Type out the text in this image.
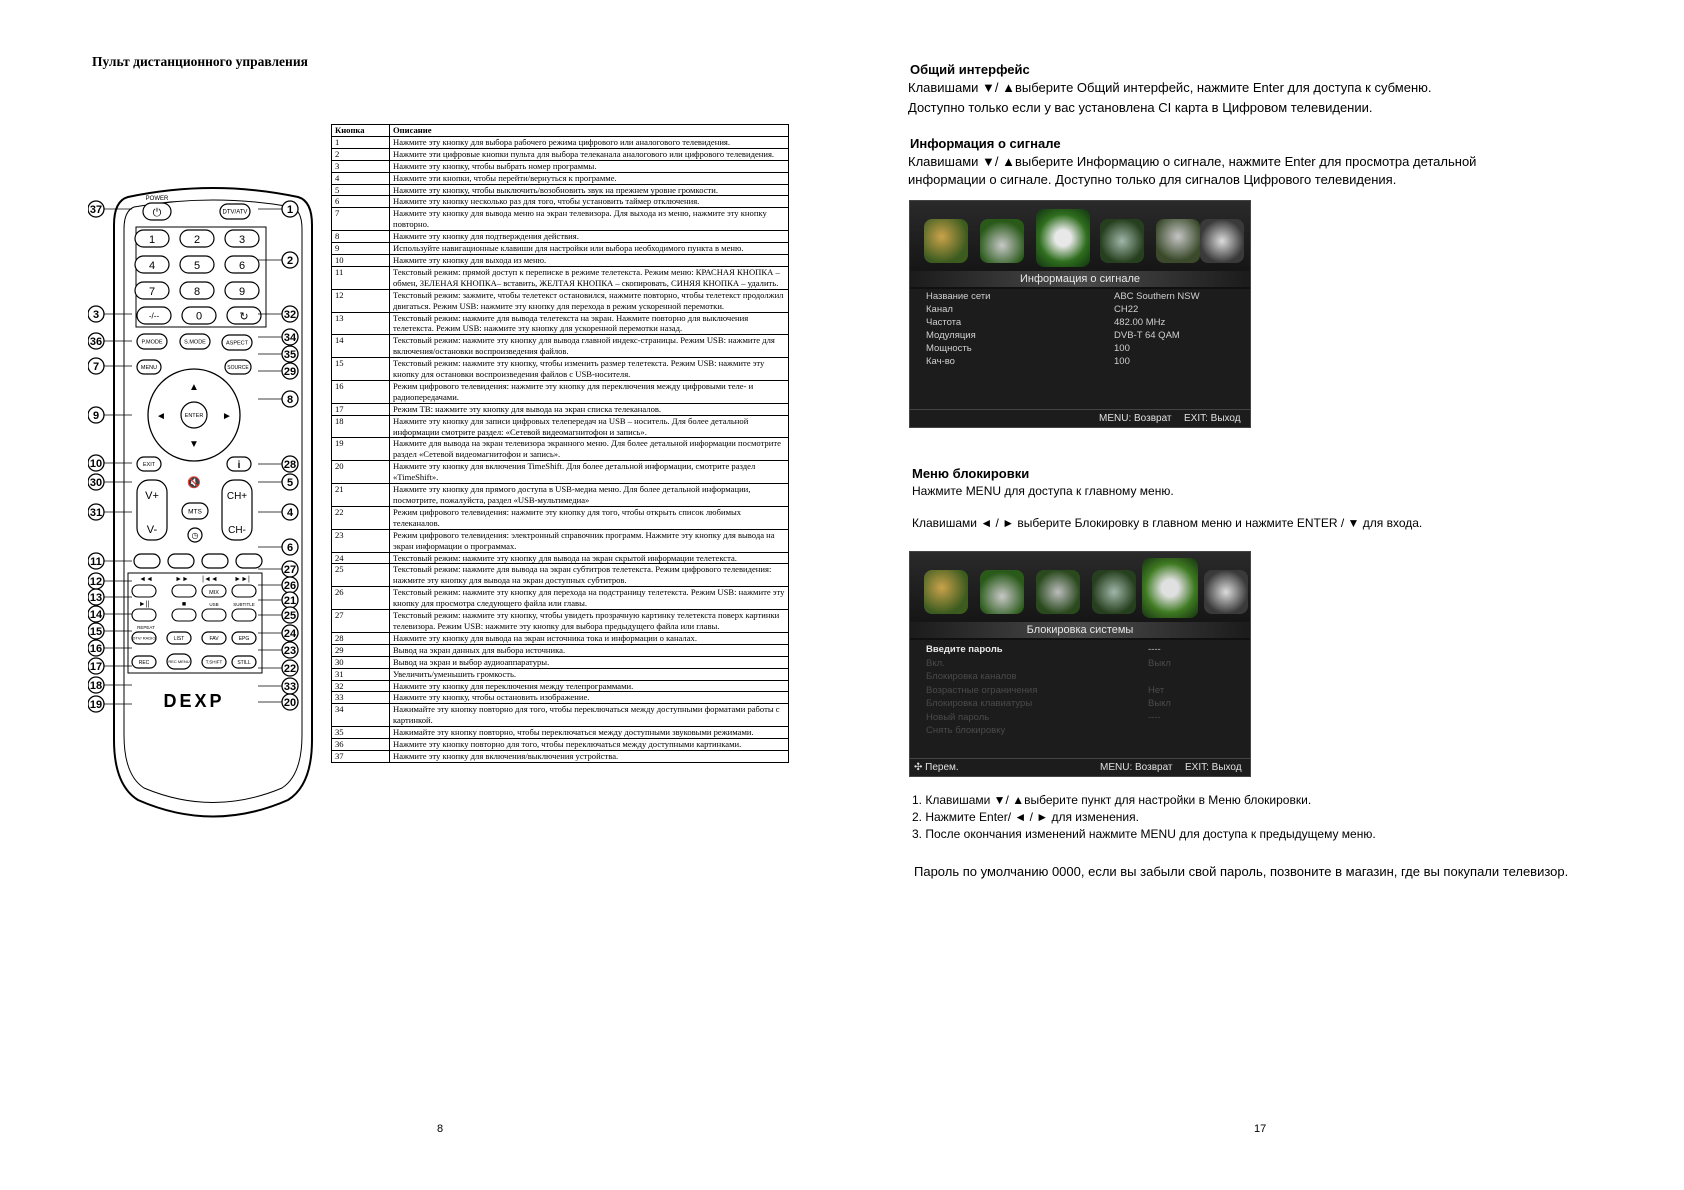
Пульт дистанционного управления
POWER
⏻	DTV/ATV
1	2	3
4	5	6
7	8	9
-/--	0	↻
P.MODE	S.MODE	ASPECT
MENU	SOURCE
ENTER
▲
▼
◄	►
EXIT	i
🔇
V+
V-
CH+
CH-
MTS
◷
◄◄	►► |◄◄ ►►|
MIX
►||	■	USB	SUBTITLE
REPEAT
DTV/ RADIO	LIST	FAV	EPG
REC	REC MENU	T.SHIFT	STILL
DEXP
37
3
36
7
9
10
30
31
11
12
13
14
15
16
17
18
19
1
2
32
34
35
29
8
28
5
4
6
27
26
21
25
24
23
22
33
20
Кнопка	Описание
1	Нажмите эту кнопку для выбора рабочего режима цифрового или аналогового телевидения.
2	Нажмите эти цифровые кнопки пульта для выбора телеканала аналогового или цифрового телевидения.
3	Нажмите эту кнопку, чтобы выбрать номер программы.
4	Нажмите эти кнопки, чтобы перейти/вернуться к программе.
5	Нажмите эту кнопку, чтобы выключить/возобновить звук на прежнем уровне громкости.
6	Нажмите эту кнопку несколько раз для того, чтобы установить таймер отключения.
7	Нажмите эту кнопку для вывода меню на экран телевизора. Для выхода из меню, нажмите эту кнопку повторно.
8	Нажмите эту кнопку для подтверждения действия.
9	Используйте навигационные клавиши для настройки или выбора необходимого пункта в меню.
10	Нажмите эту кнопку для выхода из меню.
11	Текстовый режим: прямой доступ к переписке в режиме телетекста. Режим меню: КРАСНАЯ КНОПКА – обмен, ЗЕЛЕНАЯ КНОПКА– вставить, ЖЕЛТАЯ КНОПКА – скопировать, СИНЯЯ КНОПКА – удалить.
12	Текстовый режим: зажмите, чтобы телетекст остановился, нажмите повторно, чтобы телетекст продолжил двигаться. Режим USB: нажмите эту кнопку для перехода в режим ускоренной перемотки.
13	Текстовый режим: нажмите для вывода телетекста на экран. Нажмите повторно для выключения телетекста. Режим USB: нажмите эту кнопку для ускоренной перемотки назад.
14	Текстовый режим: нажмите эту кнопку для вывода главной индекс-страницы. Режим USB: нажмите для включения/остановки воспроизведения файлов.
15	Текстовый режим: нажмите эту кнопку, чтобы изменить размер телетекста. Режим USB: нажмите эту кнопку для остановки воспроизведения файлов с USB-носителя.
16	Режим цифрового телевидения: нажмите эту кнопку для переключения между цифровыми теле- и радиопередачами.
17	Режим ТВ: нажмите эту кнопку для вывода на экран списка телеканалов.
18	Нажмите эту кнопку для записи цифровых телепередач на USB – носитель. Для более детальной информации смотрите раздел: «Сетевой видеомагнитофон и запись».
19	Нажмите для вывода на экран телевизора экранного меню. Для более детальной информации посмотрите раздел «Сетевой видеомагнитофон и запись».
20	Нажмите эту кнопку для включения TimeShift. Для более детальной информации, смотрите раздел «TimeShift».
21	Нажмите эту кнопку для прямого доступа в USB-медиа меню. Для более детальной информации, посмотрите, пожалуйста, раздел «USB-мультимедиа»
22	Режим цифрового телевидения: нажмите эту кнопку для того, чтобы открыть список любимых телеканалов.
23	Режим цифрового телевидения: электронный справочник программ. Нажмите эту кнопку для вывода на экран информации о программах.
24	Текстовый режим: нажмите эту кнопку для вывода на экран скрытой информации телетекста.
25	Текстовый режим: нажмите для вывода на экран субтитров телетекста. Режим цифрового телевидения: нажмите эту кнопку для вывода на экран доступных субтитров.
26	Текстовый режим: нажмите эту кнопку для перехода на подстраницу телетекста. Режим USB: нажмите эту кнопку для просмотра следующего файла или главы.
27	Текстовый режим: нажмите эту кнопку, чтобы увидеть прозрачную картинку телетекста поверх картинки телевизора. Режим USB: нажмите эту кнопку для выбора предыдущего файла или главы.
28	Нажмите эту кнопку для вывода на экран источника тока и информации о каналах.
29	Вывод на экран данных для выбора источника.
30	Вывод на экран и выбор аудиоаппаратуры.
31	Увеличить/уменьшить громкость.
32	Нажмите эту кнопку для переключения между телепрограммами.
33	Нажмите эту кнопку, чтобы остановить изображение.
34	Нажимайте эту кнопку повторно для того, чтобы переключаться между доступными форматами работы с картинкой.
35	Нажимайте эту кнопку повторно, чтобы переключаться между доступными звуковыми режимами.
36	Нажмите эту кнопку повторно для того, чтобы переключаться между доступными картинками.
37	Нажмите эту кнопку для включения/выключения устройства.
8
Общий интерфейс
Клавишами ▼/ ▲выберите Общий интерфейс, нажмите Enter для доступа к субменю.
Доступно только если у вас установлена CI карта в Цифровом телевидении.
Информация о сигнале
Клавишами ▼/ ▲выберите Информацию о сигнале, нажмите Enter для просмотра детальной
информации о сигнале. Доступно только для сигналов Цифрового телевидения.
Информация о сигнале
Название сети	ABC Southern NSW
Канал	CH22
Частота	482.00 MHz
Модуляция	DVB-T 64 QAM
Мощность	100
Кач-во	100
MENU: Возврат EXIT: Выход
Меню блокировки
Нажмите MENU для доступа к главному меню.
Клавишами ◄ / ► выберите Блокировку в главном меню и нажмите ENTER / ▼ для входа.
Блокировка системы
Введите пароль	----
Вкл.	Выкл
Блокировка каналов
Возрастные ограничения	Нет
Блокировка клавиатуры	Выкл
Новый пароль	----
Снять блокировку
✣ Перем.	MENU: Возврат EXIT: Выход
1. Клавишами ▼/ ▲выберите пункт для настройки в Меню блокировки.
2. Нажмите Enter/ ◄ / ► для изменения.
3. После окончания изменений нажмите MENU для доступа к предыдущему меню.
Пароль по умолчанию 0000, если вы забыли свой пароль, позвоните в магазин, где вы покупали телевизор.
17
